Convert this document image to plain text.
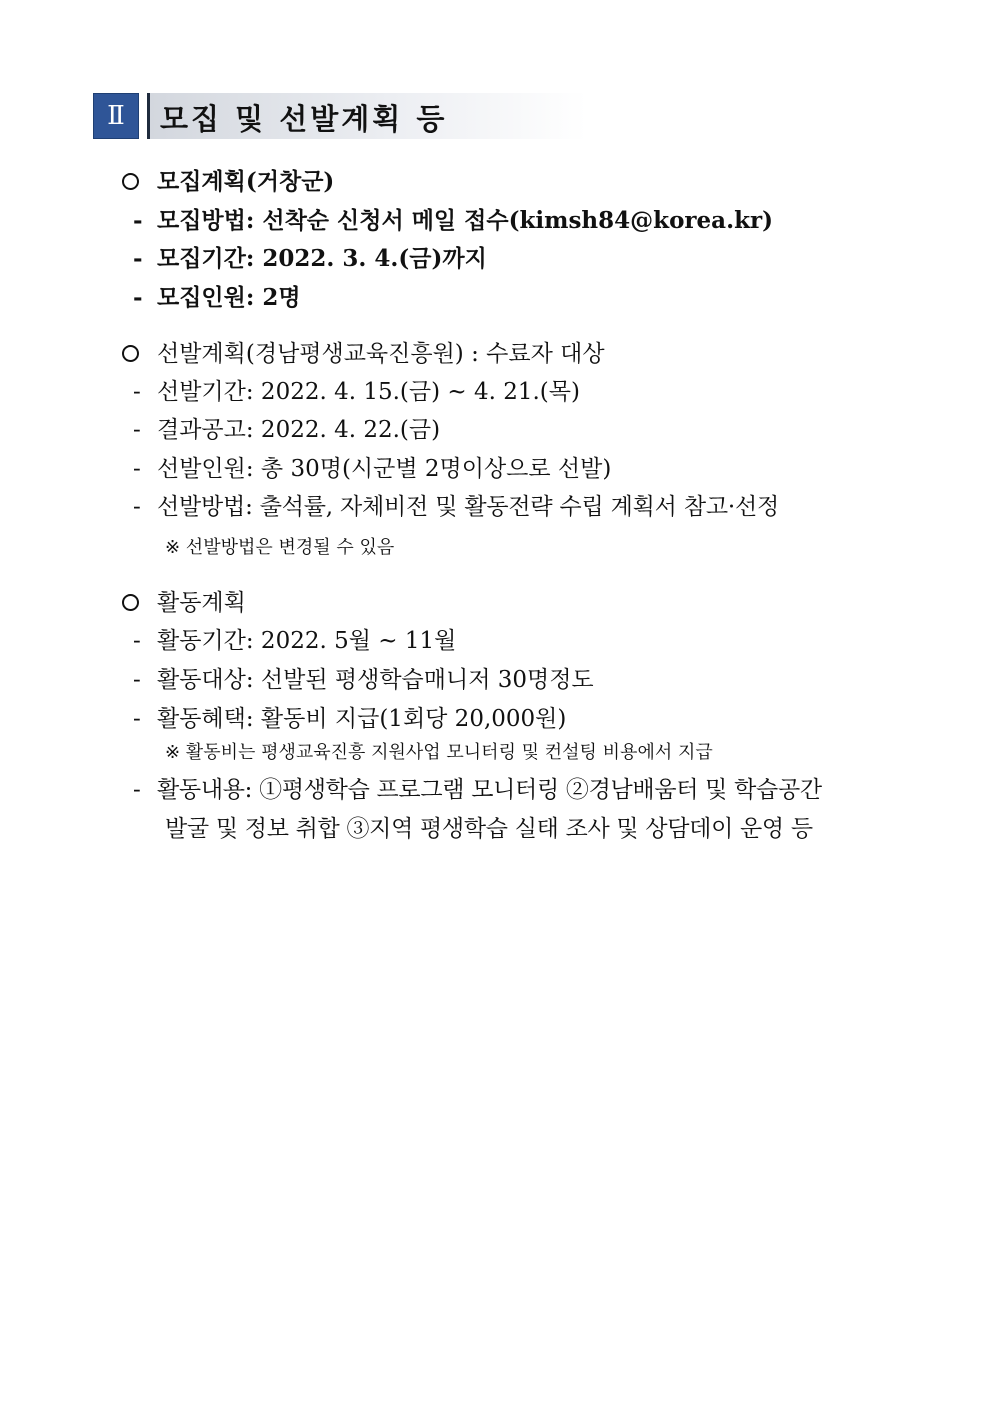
Ⅱ	모집 및 선발계획 등
모집계획(거창군)
- 모집방법: 선착순 신청서 메일 접수(kimsh84@korea.kr)
- 모집기간: 2022. 3. 4.(금)까지
- 모집인원: 2명
선발계획(경남평생교육진흥원) : 수료자 대상
- 선발기간: 2022. 4. 15.(금) ~ 4. 21.(목)
- 결과공고: 2022. 4. 22.(금)
- 선발인원: 총 30명(시군별 2명이상으로 선발)
- 선발방법: 출석률, 자체비전 및 활동전략 수립 계획서 참고·선정
※ 선발방법은 변경될 수 있음
활동계획
- 활동기간: 2022. 5월 ~ 11월
- 활동대상: 선발된 평생학습매니저 30명정도
- 활동혜택: 활동비 지급(1회당 20,000원)
※ 활동비는 평생교육진흥 지원사업 모니터링 및 컨설팅 비용에서 지급
- 활동내용: ①평생학습 프로그램 모니터링 ②경남배움터 및 학습공간
발굴 및 정보 취합 ③지역 평생학습 실태 조사 및 상담데이 운영 등
